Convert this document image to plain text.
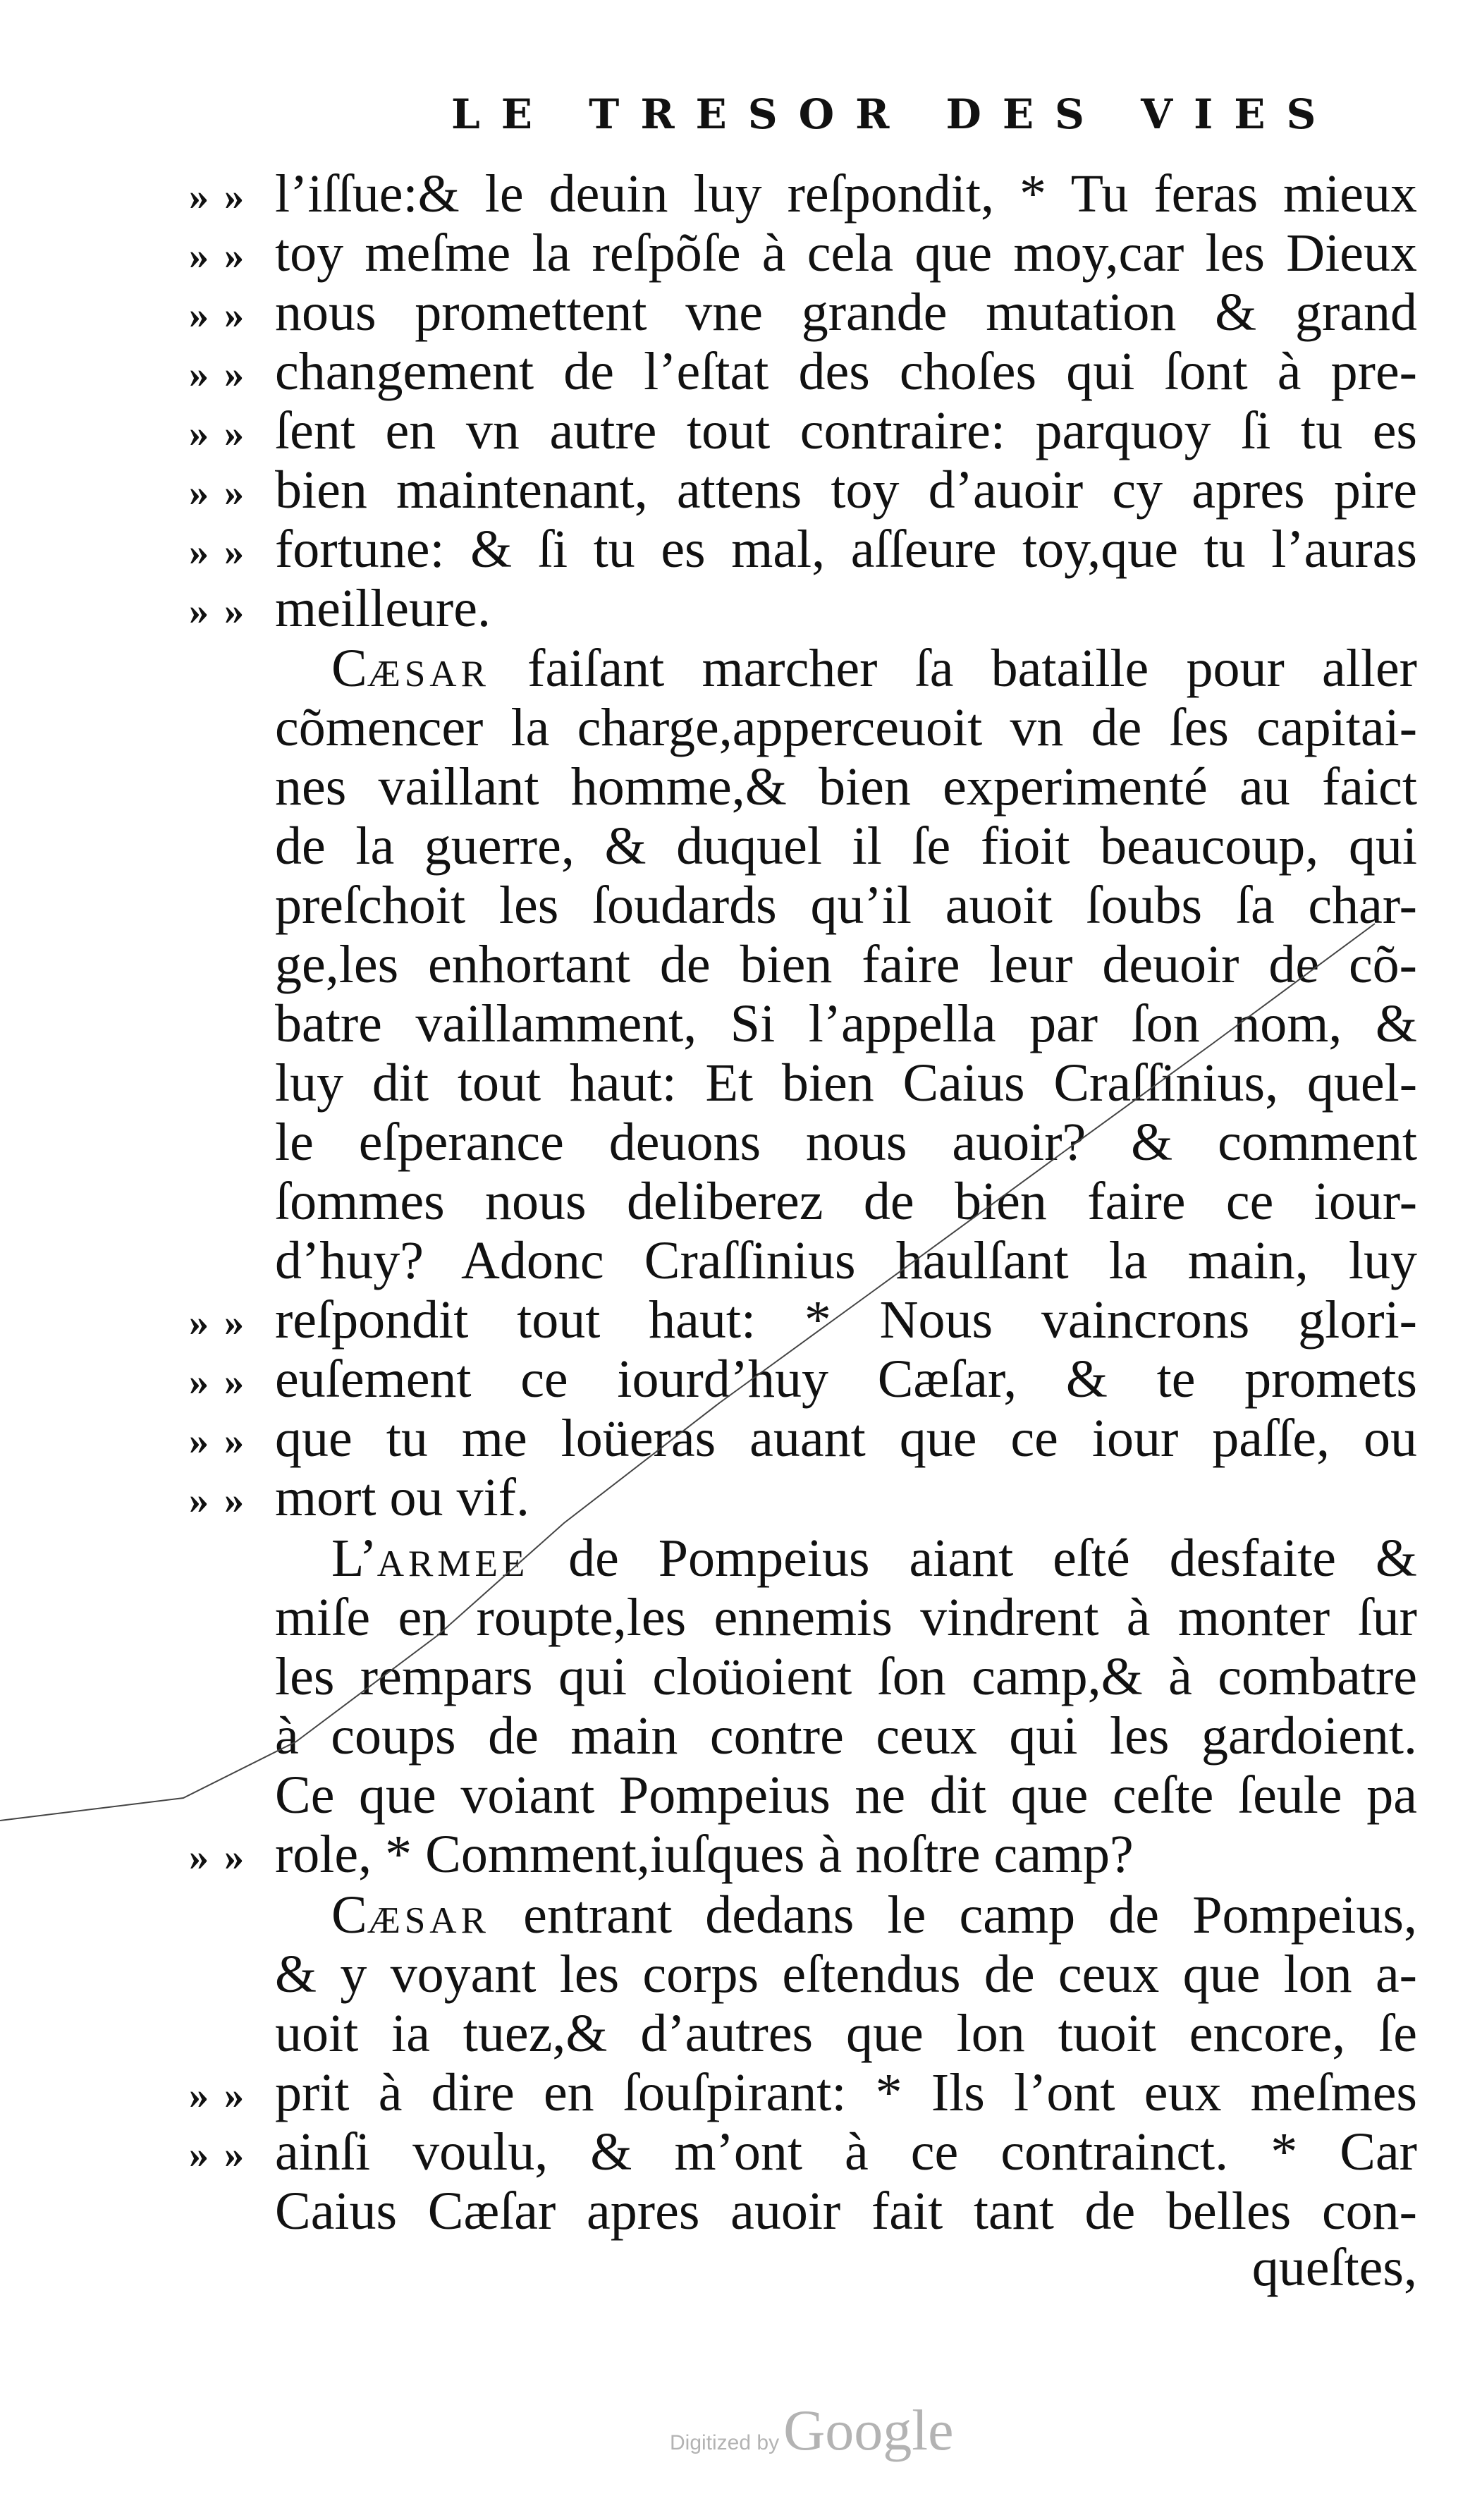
LE TRESOR DES VIES
l’iſſue:& le deuin luy reſpondit, * Tu feras mieux
» »
toy meſme la reſpõſe à cela que moy,car les Dieux
» »
nous promettent vne grande mutation & grand
» »
changement de l’eſtat des choſes qui ſont à pre-
» »
ſent en vn autre tout contraire: parquoy ſi tu es
» »
bien maintenant, attens toy d’auoir cy apres pire
» »
fortune: & ſi tu es mal, aſſeure toy,que tu l’auras
» »
meilleure.
» »
Cæsar faiſant marcher ſa bataille pour aller
cõmencer la charge,apperceuoit vn de ſes capitai-
nes vaillant homme,& bien experimenté au faict
de la guerre, & duquel il ſe fioit beaucoup, qui
preſchoit les ſoudards qu’il auoit ſoubs ſa char-
ge,les enhortant de bien faire leur deuoir de cõ-
batre vaillamment, Si l’appella par ſon nom, &
luy dit tout haut: Et bien Caius Craſſinius, quel-
le eſperance deuons nous auoir? & comment
ſommes nous deliberez de bien faire ce iour-
d’huy? Adonc Craſſinius haulſant la main, luy
reſpondit tout haut: * Nous vaincrons glori-
» »
euſement ce iourd’huy Cæſar, & te promets
» »
que tu me loüeras auant que ce iour paſſe, ou
» »
mort ou vif.
» »
L’armee de Pompeius aiant eſté desfaite &
miſe en roupte,les ennemis vindrent à monter ſur
les rempars qui cloüoient ſon camp,& à combatre
à coups de main contre ceux qui les gardoient.
Ce que voiant Pompeius ne dit que ceſte ſeule pa
role, * Comment,iuſques à noſtre camp?
» »
Cæsar entrant dedans le camp de Pompeius,
& y voyant les corps eſtendus de ceux que lon a-
uoit ia tuez,& d’autres que lon tuoit encore, ſe
prit à dire en ſouſpirant: * Ils l’ont eux meſmes
» »
ainſi voulu, & m’ont à ce contrainct. * Car
» »
Caius Cæſar apres auoir fait tant de belles con-
queſtes,
Digitized byGoogle
